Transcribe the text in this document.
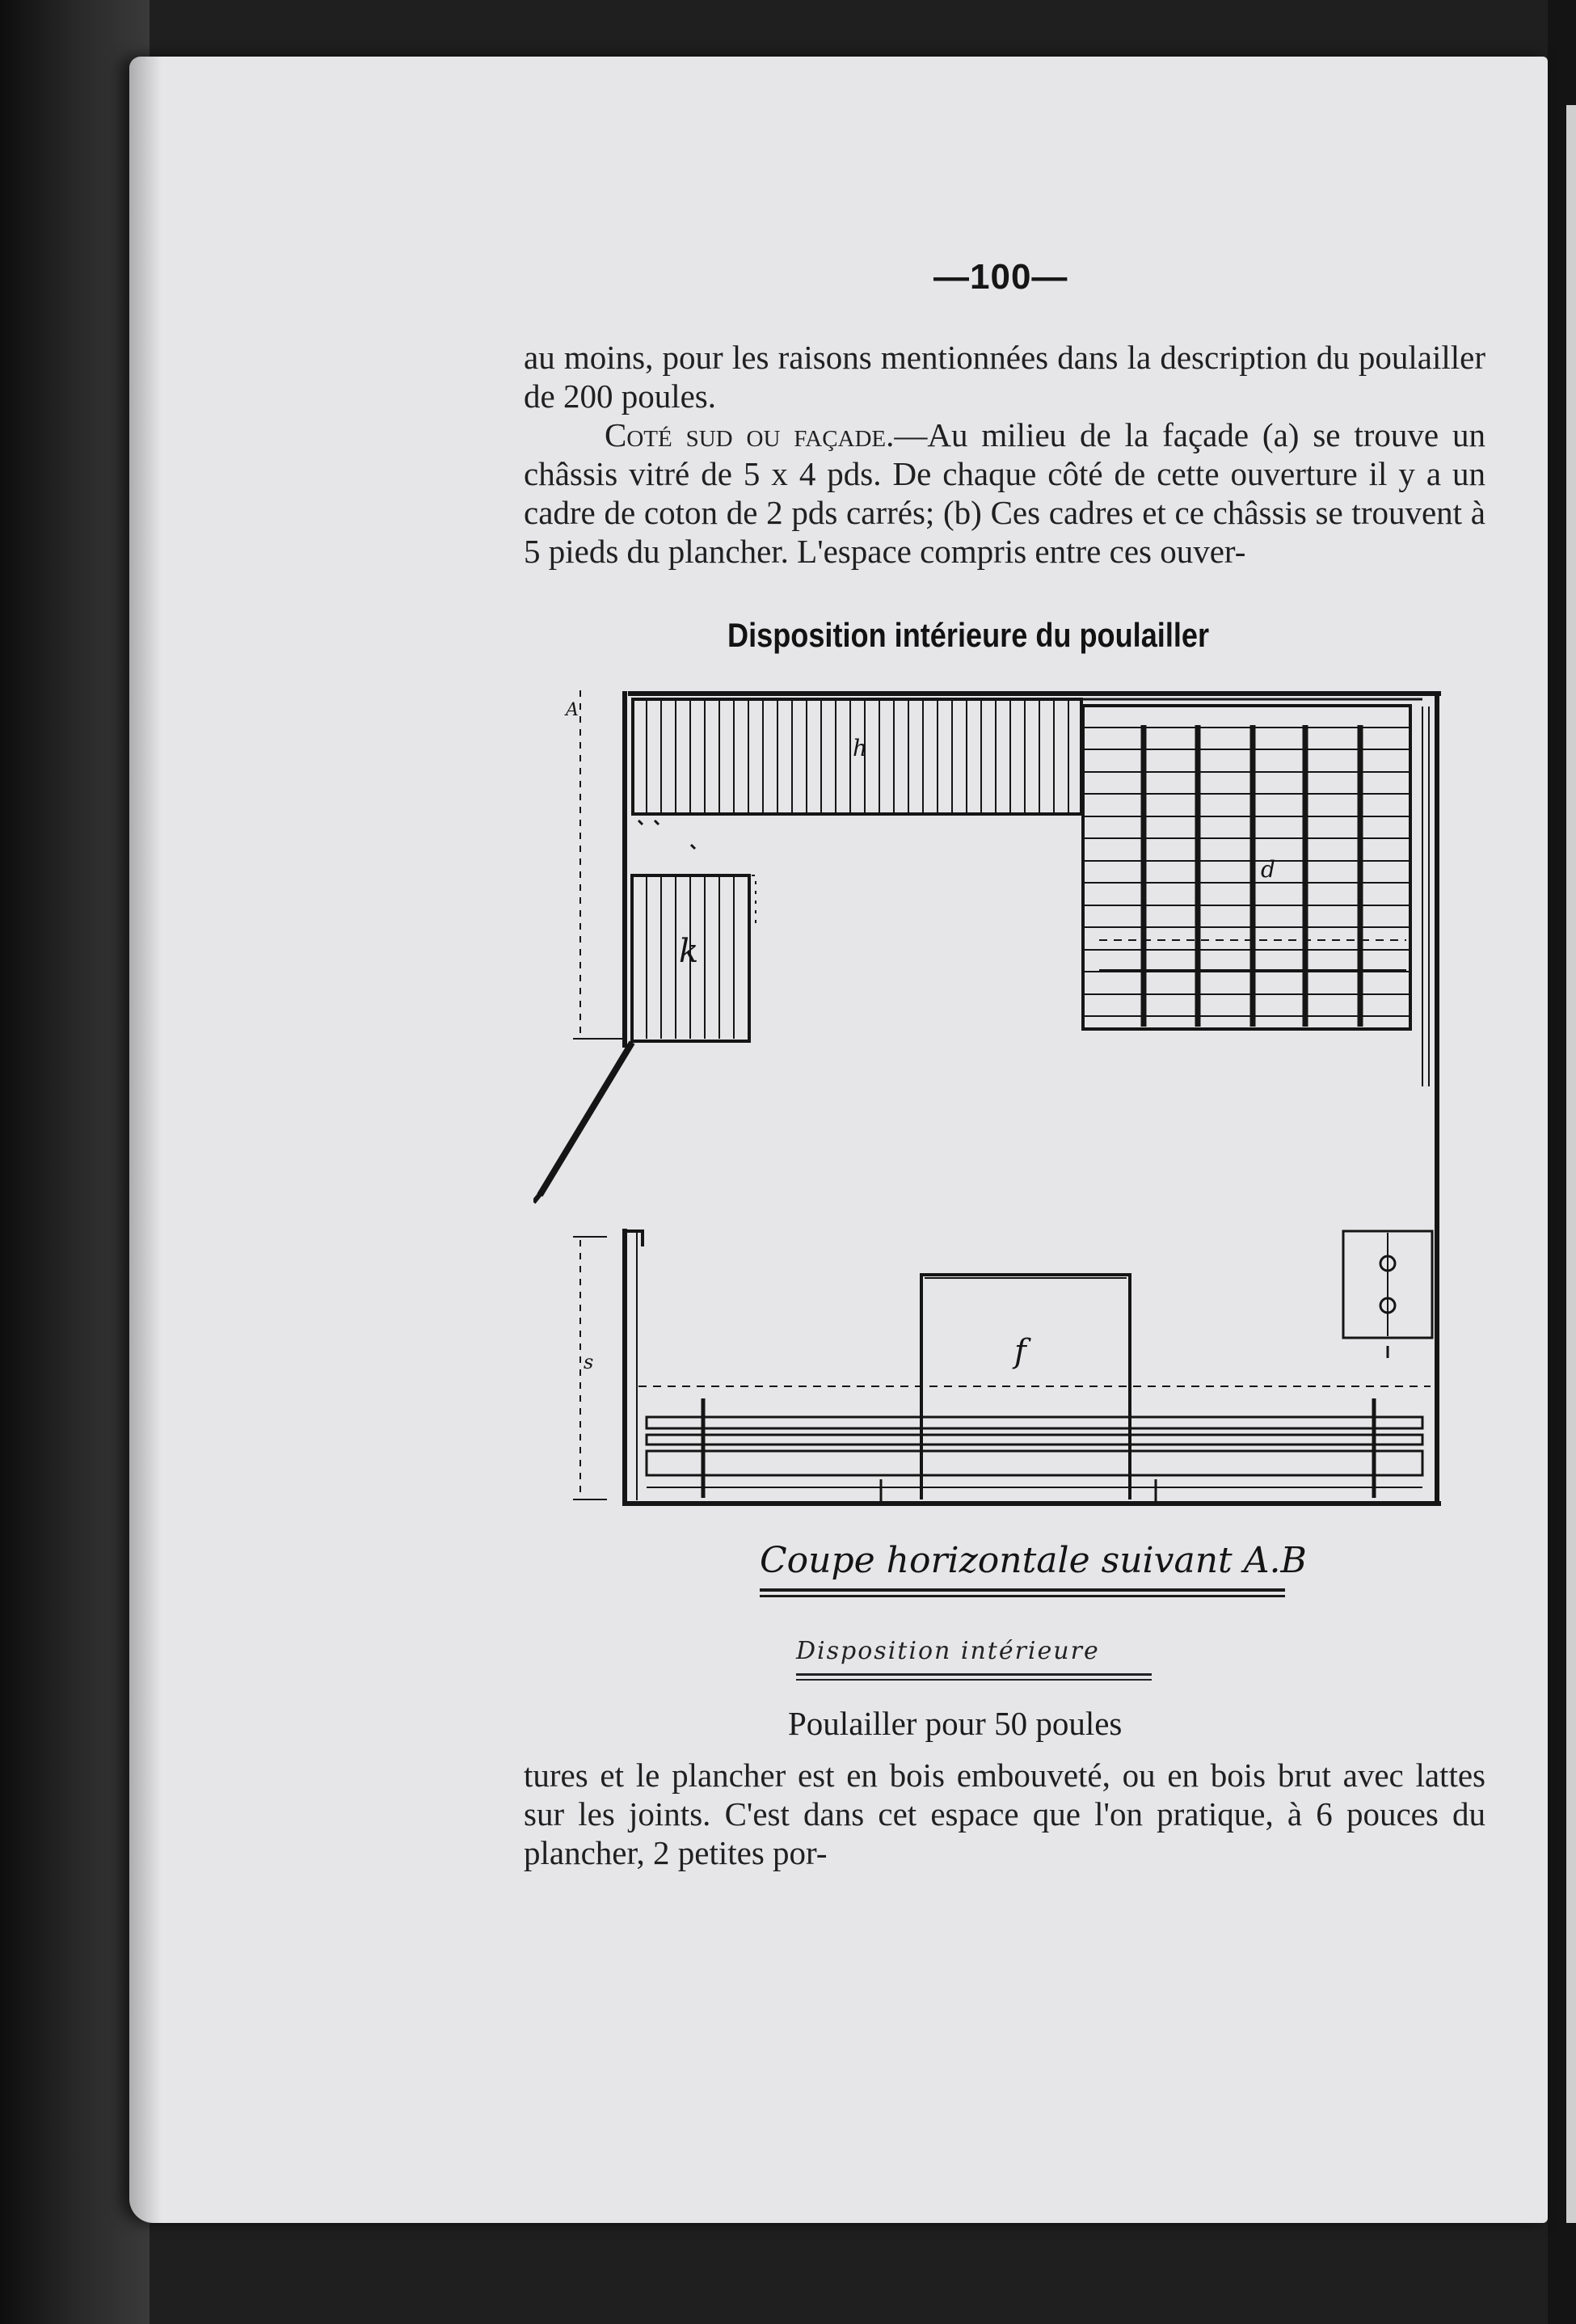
—100—

au moins, pour les raisons mentionnées dans la description du poulailler de 200 poules.

Coté sud ou façade.—Au milieu de la façade (a) se trouve un châssis vitré de 5 x 4 pds. De chaque côté de cette ouverture il y a un cadre de coton de 2 pds carrés; (b) Ces cadres et ce châssis se trouvent à 5 pieds du plancher. L'espace compris entre ces ouver-

Disposition intérieure du poulailler
h
d
k
f
A
s
Coupe horizontale suivant A.B
Disposition intérieure
Poulailler pour 50 poules

tures et le plancher est en bois embouveté, ou en bois brut avec lattes sur les joints. C'est dans cet espace que l'on pratique, à 6 pouces du plancher, 2 petites por-
